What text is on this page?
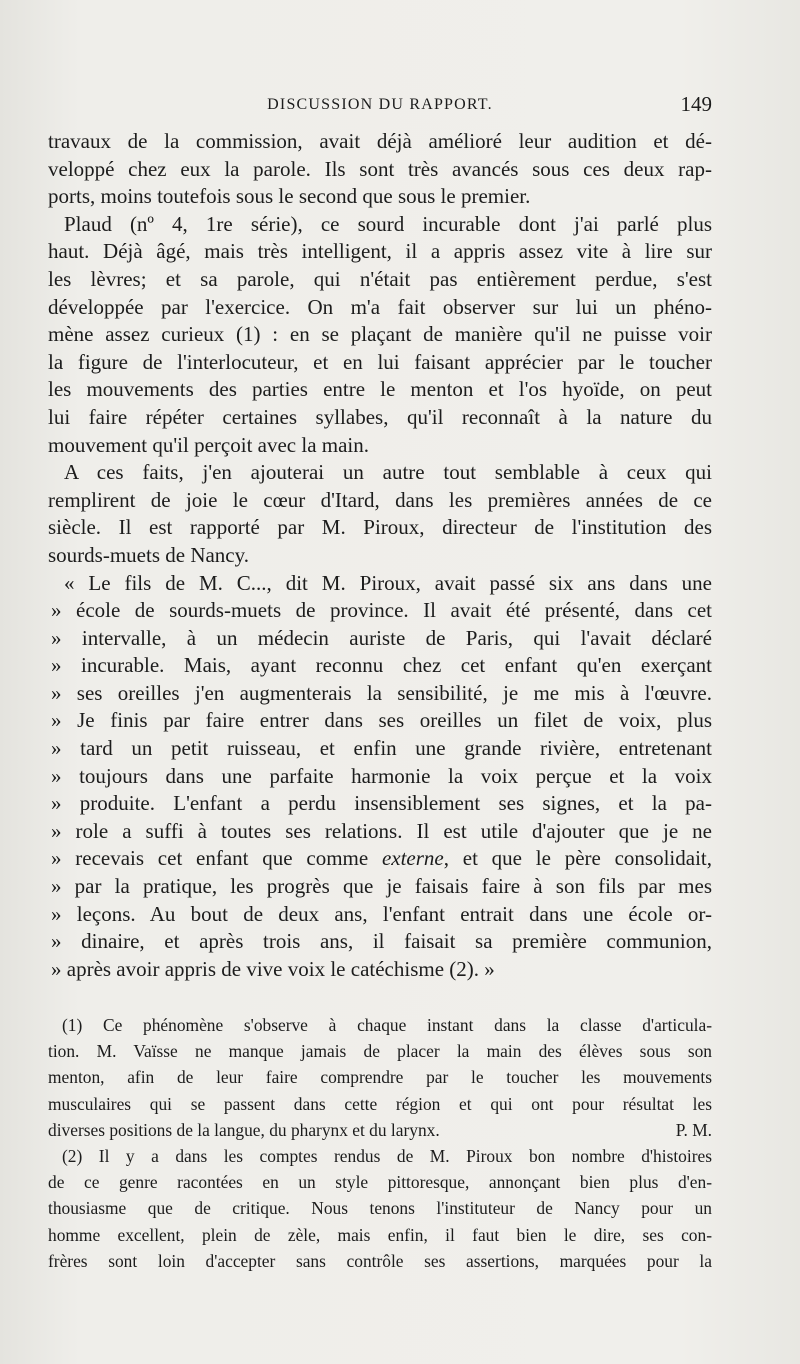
DISCUSSION DU RAPPORT.	149
travaux de la commission, avait déjà amélioré leur audition et dé-
veloppé chez eux la parole. Ils sont très avancés sous ces deux rap-
ports, moins toutefois sous le second que sous le premier.
Plaud (nº 4, 1re série), ce sourd incurable dont j'ai parlé plus
haut. Déjà âgé, mais très intelligent, il a appris assez vite à lire sur
les lèvres; et sa parole, qui n'était pas entièrement perdue, s'est
développée par l'exercice. On m'a fait observer sur lui un phéno-
mène assez curieux (1) : en se plaçant de manière qu'il ne puisse voir
la figure de l'interlocuteur, et en lui faisant apprécier par le toucher
les mouvements des parties entre le menton et l'os hyoïde, on peut
lui faire répéter certaines syllabes, qu'il reconnaît à la nature du
mouvement qu'il perçoit avec la main.
A ces faits, j'en ajouterai un autre tout semblable à ceux qui
remplirent de joie le cœur d'Itard, dans les premières années de ce
siècle. Il est rapporté par M. Piroux, directeur de l'institution des
sourds-muets de Nancy.
« Le fils de M. C..., dit M. Piroux, avait passé six ans dans une
» école de sourds-muets de province. Il avait été présenté, dans cet
» intervalle, à un médecin auriste de Paris, qui l'avait déclaré
» incurable. Mais, ayant reconnu chez cet enfant qu'en exerçant
» ses oreilles j'en augmenterais la sensibilité, je me mis à l'œuvre.
» Je finis par faire entrer dans ses oreilles un filet de voix, plus
» tard un petit ruisseau, et enfin une grande rivière, entretenant
» toujours dans une parfaite harmonie la voix perçue et la voix
» produite. L'enfant a perdu insensiblement ses signes, et la pa-
» role a suffi à toutes ses relations. Il est utile d'ajouter que je ne
» recevais cet enfant que comme externe, et que le père consolidait,
» par la pratique, les progrès que je faisais faire à son fils par mes
» leçons. Au bout de deux ans, l'enfant entrait dans une école or-
» dinaire, et après trois ans, il faisait sa première communion,
» après avoir appris de vive voix le catéchisme (2). »
(1) Ce phénomène s'observe à chaque instant dans la classe d'articula-
tion. M. Vaïsse ne manque jamais de placer la main des élèves sous son
menton, afin de leur faire comprendre par le toucher les mouvements
musculaires qui se passent dans cette région et qui ont pour résultat les
diverses positions de la langue, du pharynx et du larynx.	P. M.
(2) Il y a dans les comptes rendus de M. Piroux bon nombre d'histoires
de ce genre racontées en un style pittoresque, annonçant bien plus d'en-
thousiasme que de critique. Nous tenons l'instituteur de Nancy pour un
homme excellent, plein de zèle, mais enfin, il faut bien le dire, ses con-
frères sont loin d'accepter sans contrôle ses assertions, marquées pour la
